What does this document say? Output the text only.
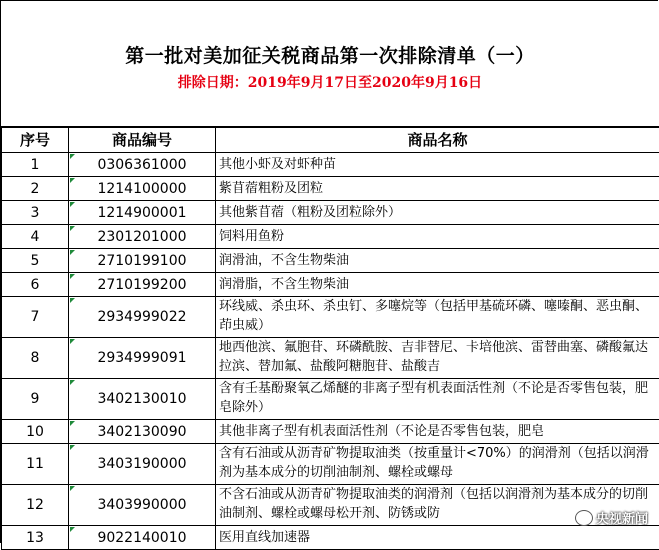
第一批对美加征关税商品第一次排除清单（一）
排除日期：2019年9月17日至2020年9月16日
序号	商品编号	商品名称
1	0306361000	其他小虾及对虾种苗

2	1214100000	紫苜蓿粗粉及团粒

3	1214900001	其他紫苜蓿（粗粉及团粒除外）

4	2301201000	饲料用鱼粉

5	2710199100	润滑油，不含生物柴油

6	2710199200	润滑脂，不含生物柴油

7	2934999022	环线威、杀虫环、杀虫钉、多噻烷等（包括甲基硫环磷、噻嗪酮、恶虫酮、茚虫威）

8	2934999091	地西他滨、氟胞苷、环磷酰胺、吉非替尼、卡培他滨、雷替曲塞、磷酸氟达拉滨、替加氟、盐酸阿糖胞苷、盐酸吉

9	3402130010	含有壬基酚聚氧乙烯醚的非离子型有机表面活性剂（不论是否零售包装，肥皂除外）

10	3402130090	其他非离子型有机表面活性剂（不论是否零售包装，肥皂

11	3403190000	含有石油或从沥青矿物提取油类（按重量计<70%）的润滑剂（包括以润滑剂为基本成分的切削油制剂、螺栓或螺母

12	3403990000	不含石油或从沥青矿物提取油类的润滑剂（包括以润滑剂为基本成分的切削油制剂、螺栓或螺母松开剂、防锈或防

13	9022140010	医用直线加速器
央视新闻
